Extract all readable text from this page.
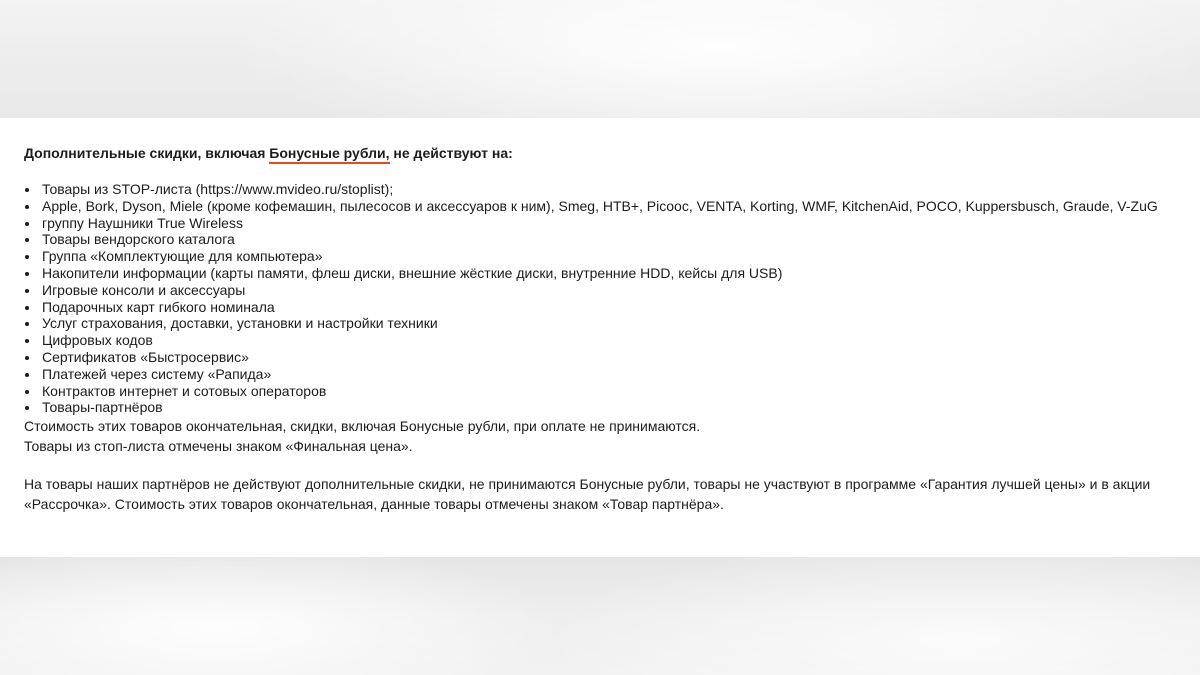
Дополнительные скидки, включая Бонусные рубли, не действуют на:

Товары из STOP-листа (https://www.mvideo.ru/stoplist);
Apple, Bork, Dyson, Miele (кроме кофемашин, пылесосов и аксессуаров к ним), Smeg, HTB+, Picooc, VENTA, Korting, WMF, KitchenAid, POCO, Kuppersbusch, Graude, V-ZuG
группу Наушники True Wireless
Товары вендорского каталога
Группа «Комплектующие для компьютера»
Накопители информации (карты памяти, флеш диски, внешние жёсткие диски, внутренние HDD, кейсы для USB)
Игровые консоли и аксессуары
Подарочных карт гибкого номинала
Услуг страхования, доставки, установки и настройки техники
Цифровых кодов
Сертификатов «Быстросервис»
Платежей через систему «Рапида»
Контрактов интернет и сотовых операторов
Товары-партнёров

Стоимость этих товаров окончательная, скидки, включая Бонусные рубли, при оплате не принимаются.

Товары из стоп-листа отмечены знаком «Финальная цена».

На товары наших партнёров не действуют дополнительные скидки, не принимаются Бонусные рубли, товары не участвуют в программе «Гарантия лучшей цены» и в акции «Рассрочка». Стоимость этих товаров окончательная, данные товары отмечены знаком «Товар партнёра».
